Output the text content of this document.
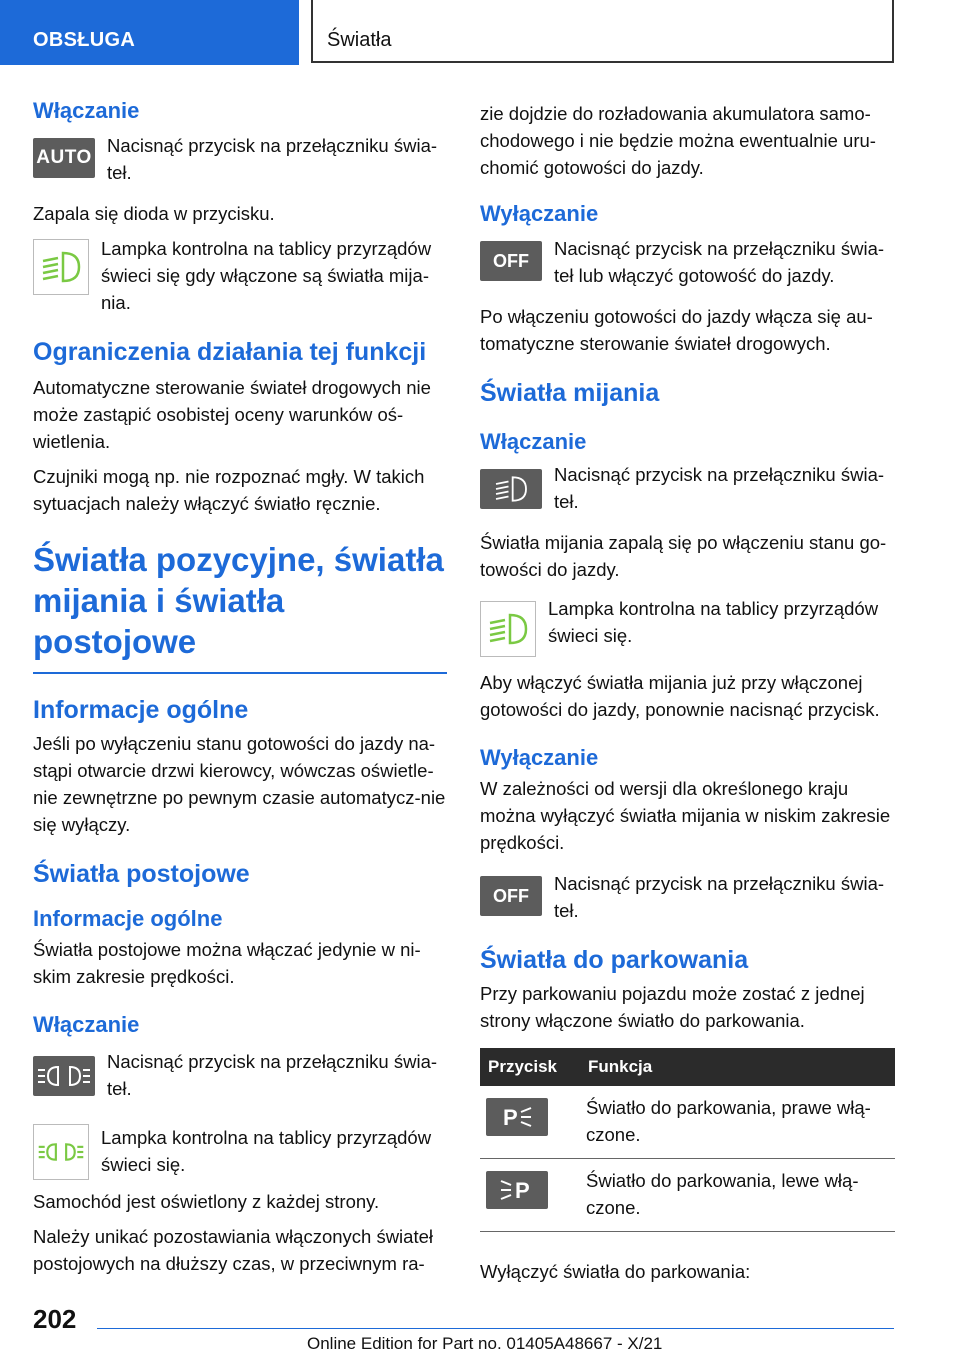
OBSŁUGA	Światła
Włączanie
AUTO

Nacisnąć przycisk na przełączniku świa-teł.

Zapala się dioda w przycisku.

Lampka kontrolna na tablicy przyrządów świeci się gdy włączone są światła mija-nia.

Ograniczenia działania tej funkcji

Automatyczne sterowanie świateł drogowych nie może zastąpić osobistej oceny warunków oś-wietlenia.

Czujniki mogą np. nie rozpoznać mgły. W takich sytuacjach należy włączyć światło ręcznie.

Światła pozycyjne, światła
mijania i światła postojowe
Informacje ogólne

Jeśli po wyłączeniu stanu gotowości do jazdy na-stąpi otwarcie drzwi kierowcy, wówczas oświetle-nie zewnętrzne po pewnym czasie automatycz-nie się wyłączy.

Światła postojowe
Informacje ogólne

Światła postojowe można włączać jedynie w ni-skim zakresie prędkości.

Włączanie

Nacisnąć przycisk na przełączniku świa-teł.

Lampka kontrolna na tablicy przyrządów świeci się.

Samochód jest oświetlony z każdej strony.

Należy unikać pozostawiania włączonych świateł postojowych na dłuższy czas, w przeciwnym ra-

zie dojdzie do rozładowania akumulatora samo-chodowego i nie będzie można ewentualnie uru-chomić gotowości do jazdy.

Wyłączanie
OFF

Nacisnąć przycisk na przełączniku świa-teł lub włączyć gotowość do jazdy.

Po włączeniu gotowości do jazdy włącza się au-tomatyczne sterowanie świateł drogowych.

Światła mijania
Włączanie

Nacisnąć przycisk na przełączniku świa-teł.

Światła mijania zapalą się po włączeniu stanu go-towości do jazdy.

Lampka kontrolna na tablicy przyrządów świeci się.

Aby włączyć światła mijania już przy włączonej gotowości do jazdy, ponownie nacisnąć przycisk.

Wyłączanie

W zależności od wersji dla określonego kraju można wyłączyć światła mijania w niskim zakresie prędkości.

OFF

Nacisnąć przycisk na przełączniku świa-teł.

Światła do parkowania

Przy parkowaniu pojazdu może zostać z jednej strony włączone światło do parkowania.

Przycisk	Funkcja

P	Światło do parkowania, prawe włą-czone.

P	Światło do parkowania, lewe włą-czone.

Wyłączyć światła do parkowania:

202
Online Edition for Part no. 01405A48667 - X/21
